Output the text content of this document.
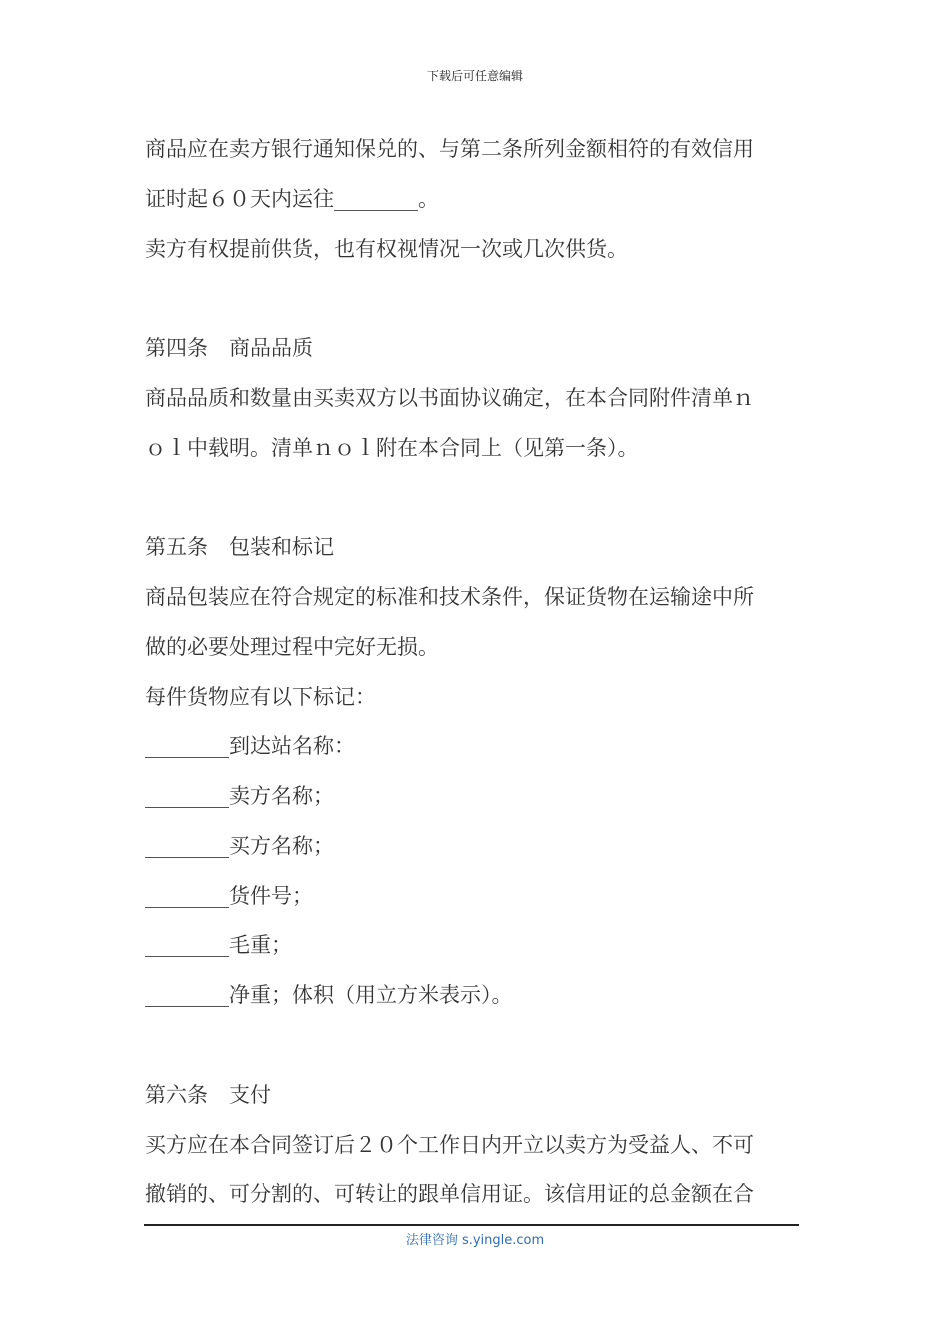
下载后可任意编辑
商品应在卖方银行通知保兑的、与第二条所列金额相符的有效信用
证时起６０天内运往________。
卖方有权提前供货，也有权视情况一次或几次供货。
第四条　商品品质
商品品质和数量由买卖双方以书面协议确定，在本合同附件清单ｎ
ｏｌ中载明。清单ｎｏｌ附在本合同上（见第一条）。
第五条　包装和标记
商品包装应在符合规定的标准和技术条件，保证货物在运输途中所
做的必要处理过程中完好无损。
每件货物应有以下标记：
________到达站名称：
________卖方名称；
________买方名称；
________货件号；
________毛重；
________净重；体积（用立方米表示）。
第六条　支付
买方应在本合同签订后２０个工作日内开立以卖方为受益人、不可
撤销的、可分割的、可转让的跟单信用证。该信用证的总金额在合
法律咨询 s.yingle.com
